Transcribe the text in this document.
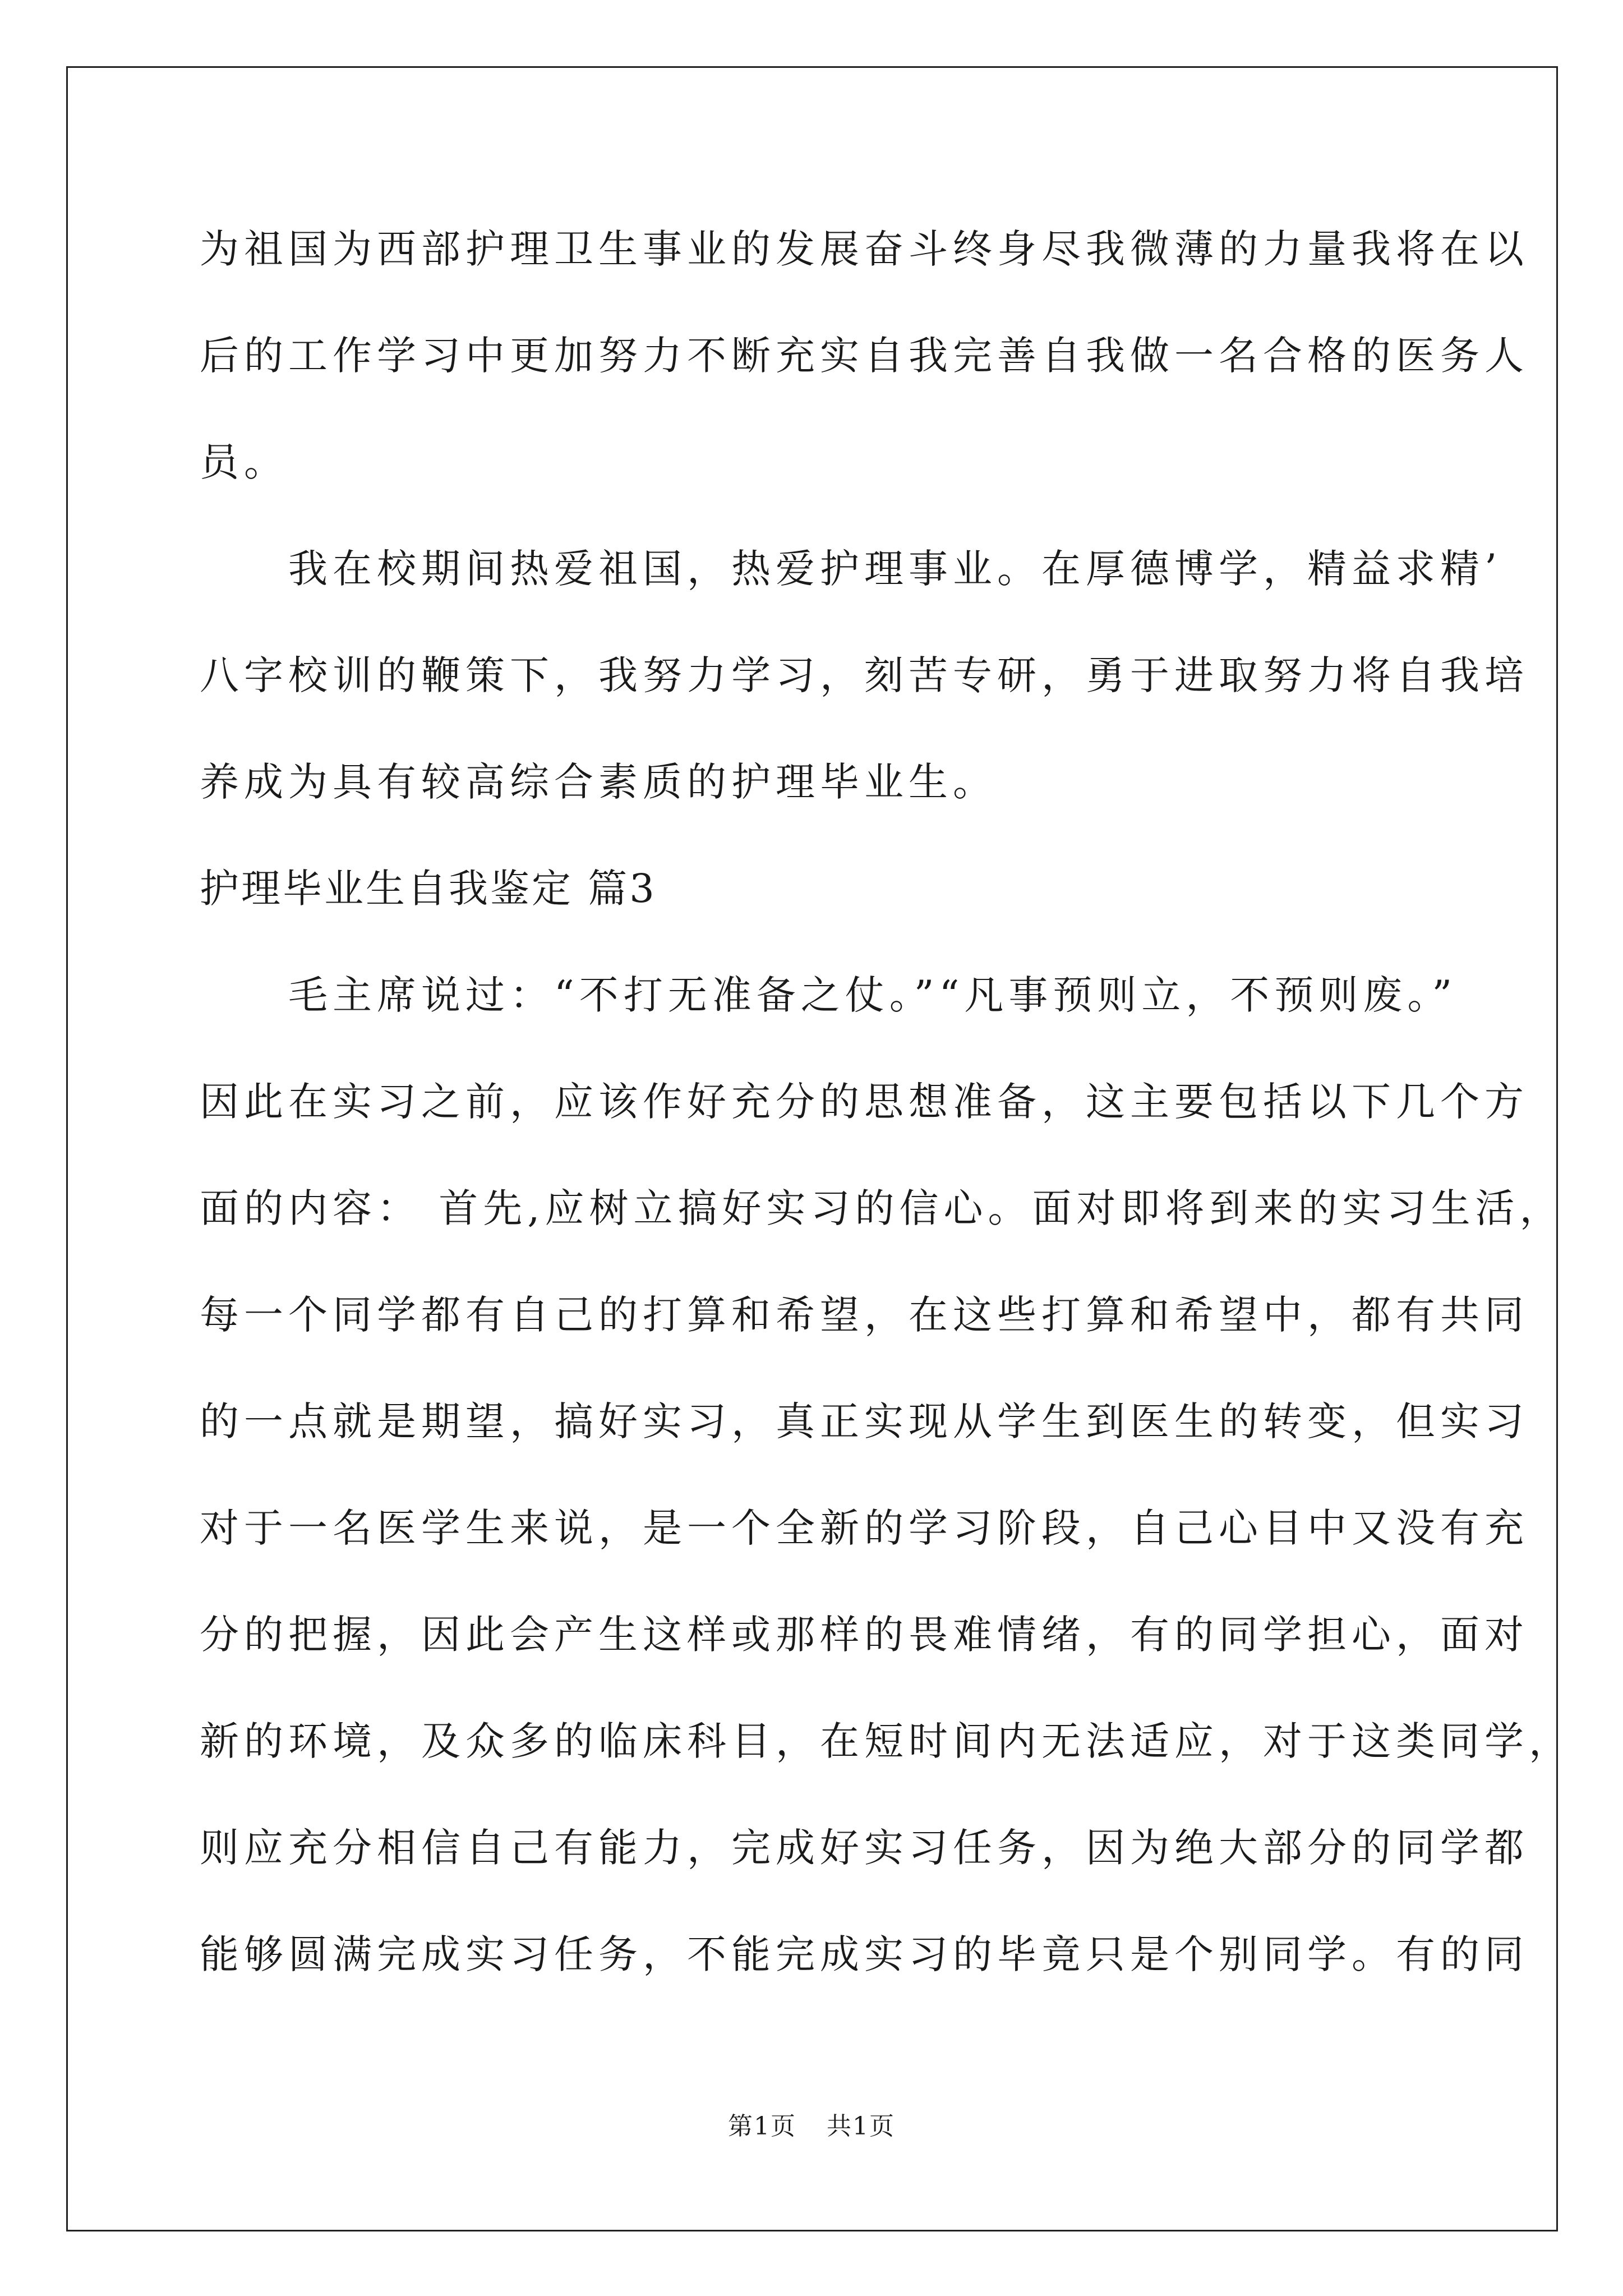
为祖国为西部护理卫生事业的发展奋斗终身尽我微薄的力量我将在以
后的工作学习中更加努力不断充实自我完善自我做一名合格的医务人
员。
　　我在校期间热爱祖国，热爱护理事业。在厚德博学，精益求精’
八字校训的鞭策下，我努力学习，刻苦专研，勇于进取努力将自我培
养成为具有较高综合素质的护理毕业生。
护理毕业生自我鉴定 篇3
　　毛主席说过：“不打无准备之仗。”“凡事预则立，不预则废。”
因此在实习之前，应该作好充分的思想准备，这主要包括以下几个方
面的内容： 首先,应树立搞好实习的信心。面对即将到来的实习生活，
每一个同学都有自己的打算和希望，在这些打算和希望中，都有共同
的一点就是期望，搞好实习，真正实现从学生到医生的转变，但实习
对于一名医学生来说，是一个全新的学习阶段，自己心目中又没有充
分的把握，因此会产生这样或那样的畏难情绪，有的同学担心，面对
新的环境，及众多的临床科目，在短时间内无法适应，对于这类同学，
则应充分相信自己有能力，完成好实习任务，因为绝大部分的同学都
能够圆满完成实习任务，不能完成实习的毕竟只是个别同学。有的同
第1页 共1页
